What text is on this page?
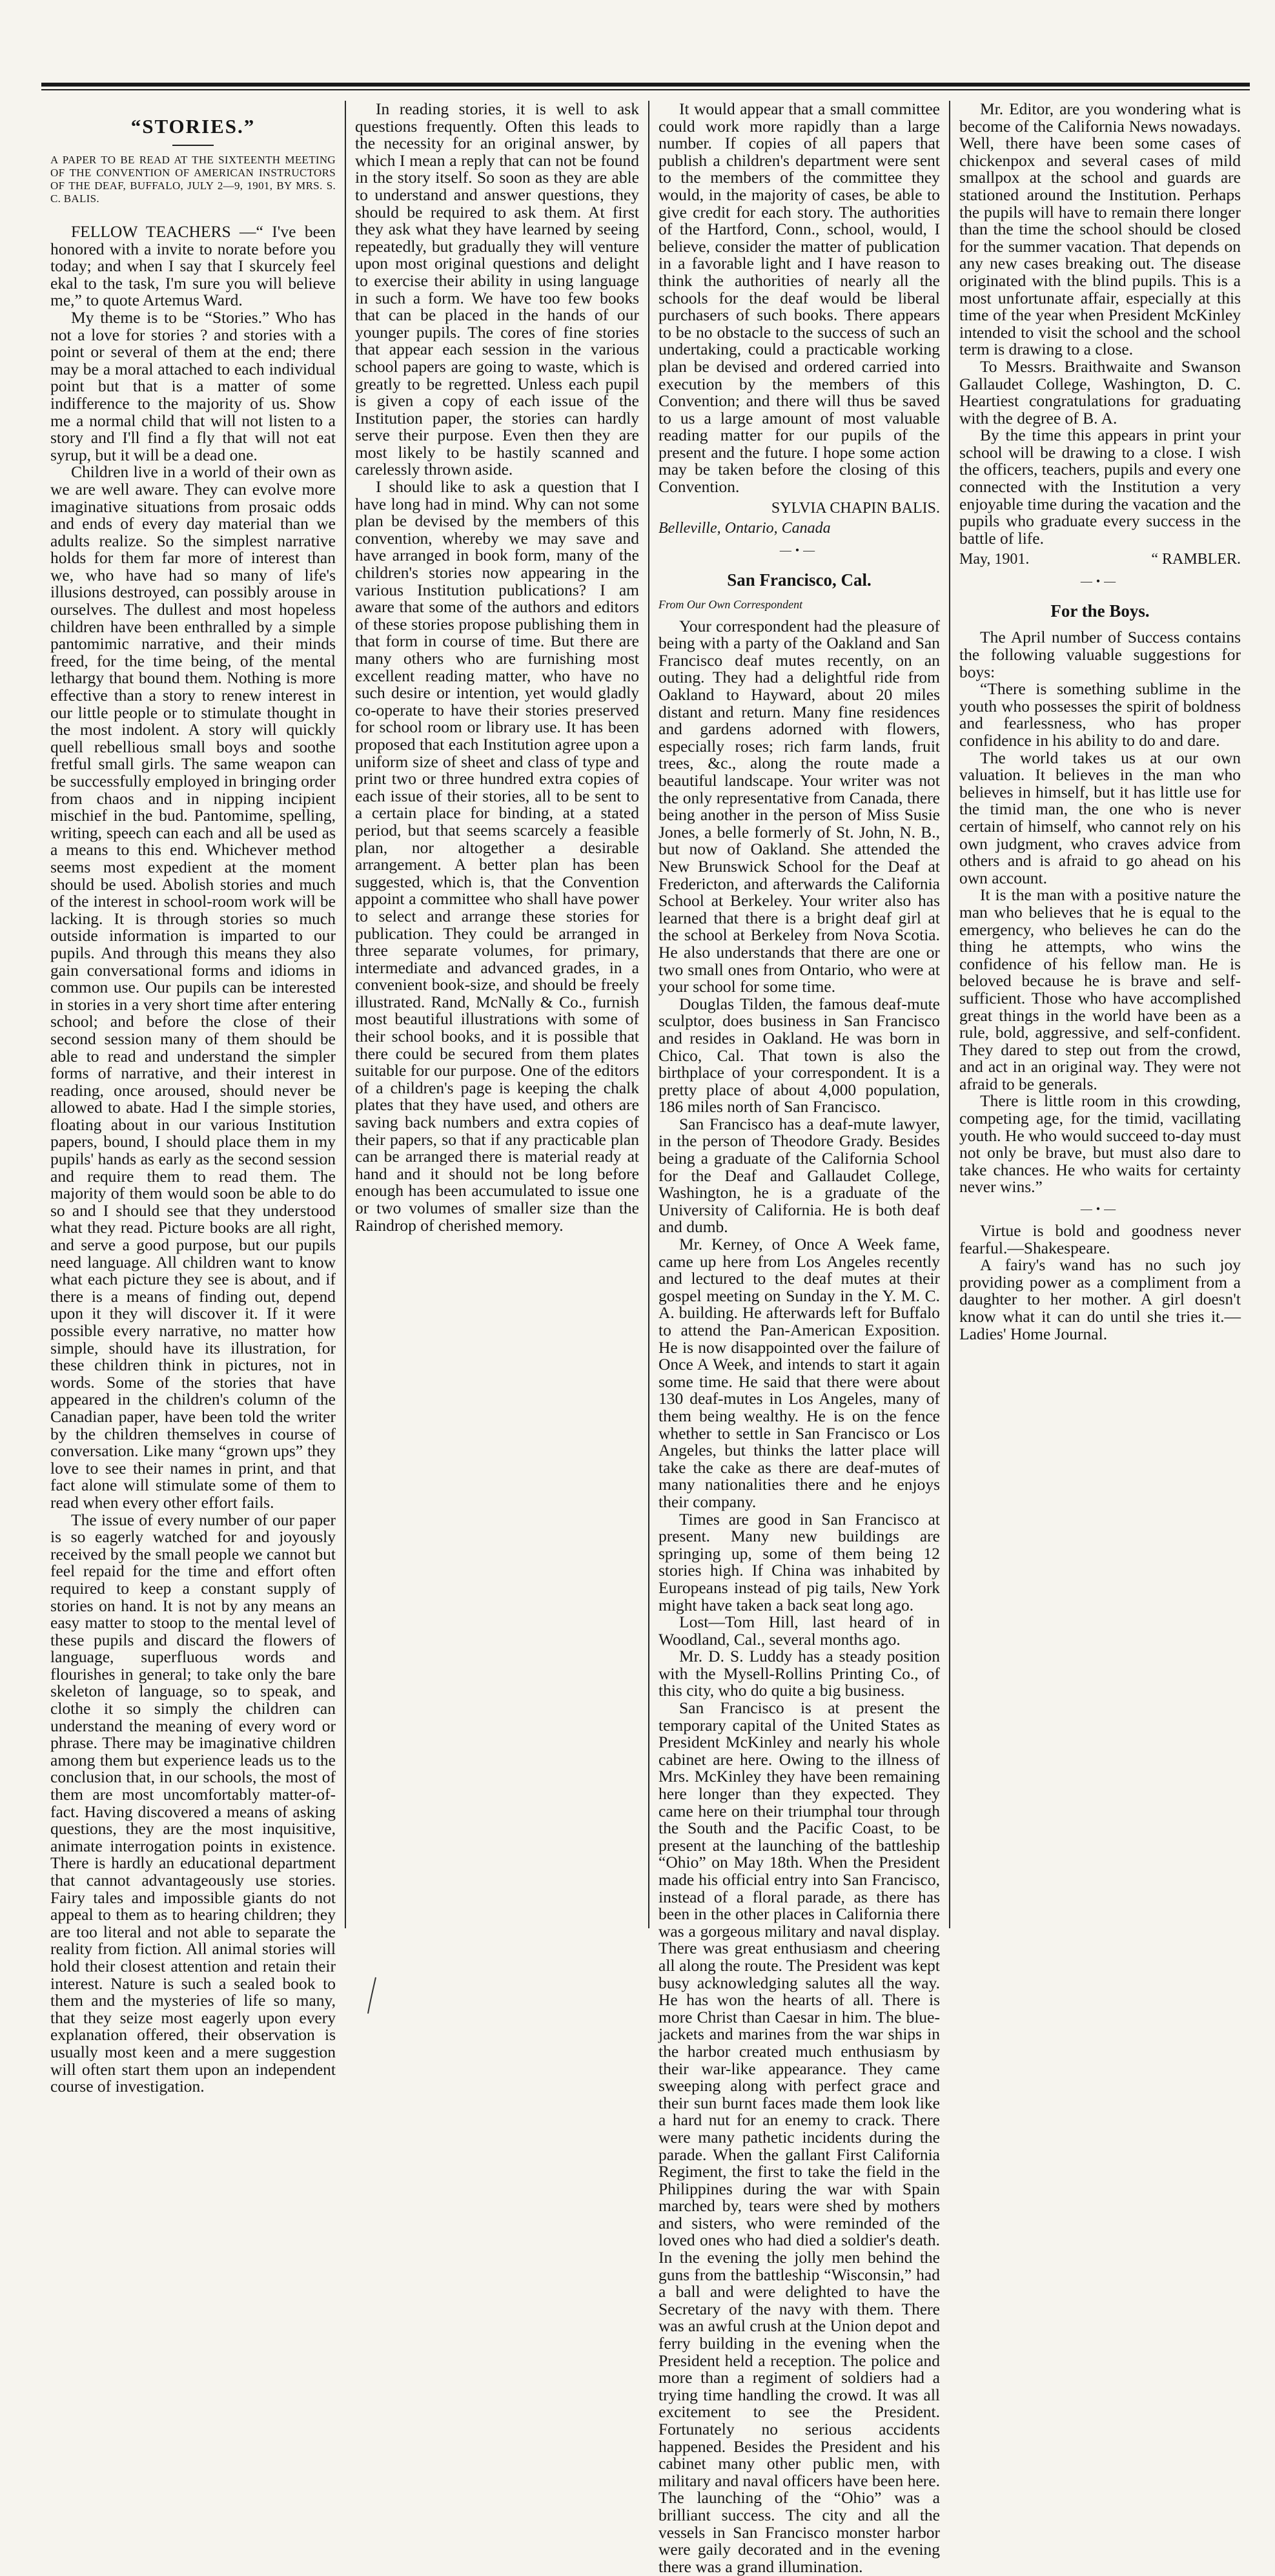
“STORIES.”
A PAPER TO BE READ AT THE SIXTEENTH MEETING OF THE CONVENTION OF AMERICAN INSTRUCTORS OF THE DEAF, BUFFALO, JULY 2—9, 1901, BY MRS. S. C. BALIS.

FELLOW TEACHERS —“ I've been honored with a invite to norate before you today; and when I say that I skurcely feel ekal to the task, I'm sure you will believe me,” to quote Artemus Ward.

My theme is to be “Stories.” Who has not a love for stories ? and stories with a point or several of them at the end; there may be a moral attached to each individual point but that is a matter of some indifference to the majority of us. Show me a normal child that will not listen to a story and I'll find a fly that will not eat syrup, but it will be a dead one.

Children live in a world of their own as we are well aware. They can evolve more imaginative situations from prosaic odds and ends of every day material than we adults realize. So the simplest narrative holds for them far more of interest than we, who have had so many of life's illusions destroyed, can possibly arouse in ourselves. The dullest and most hopeless children have been enthralled by a simple pantomimic narrative, and their minds freed, for the time being, of the mental lethargy that bound them. Nothing is more effective than a story to renew interest in our little people or to stimulate thought in the most indolent. A story will quickly quell rebellious small boys and soothe fretful small girls. The same weapon can be successfully employed in bringing order from chaos and in nipping incipient mischief in the bud. Pantomime, spelling, writing, speech can each and all be used as a means to this end. Whichever method seems most expedient at the moment should be used. Abolish stories and much of the interest in school-room work will be lacking. It is through stories so much outside information is imparted to our pupils. And through this means they also gain conversational forms and idioms in common use. Our pupils can be interested in stories in a very short time after entering school; and before the close of their second session many of them should be able to read and understand the simpler forms of narrative, and their interest in reading, once aroused, should never be allowed to abate. Had I the simple stories, floating about in our various Institution papers, bound, I should place them in my pupils' hands as early as the second session and require them to read them. The majority of them would soon be able to do so and I should see that they understood what they read. Picture books are all right, and serve a good purpose, but our pupils need language. All children want to know what each picture they see is about, and if there is a means of finding out, depend upon it they will discover it. If it were possible every narrative, no matter how simple, should have its illustration, for these children think in pictures, not in words. Some of the stories that have appeared in the children's column of the Canadian paper, have been told the writer by the children themselves in course of conversation. Like many “grown ups” they love to see their names in print, and that fact alone will stimulate some of them to read when every other effort fails.

The issue of every number of our paper is so eagerly watched for and joyously received by the small people we cannot but feel repaid for the time and effort often required to keep a constant supply of stories on hand. It is not by any means an easy matter to stoop to the mental level of these pupils and discard the flowers of language, superfluous words and flourishes in general; to take only the bare skeleton of language, so to speak, and clothe it so simply the children can understand the meaning of every word or phrase. There may be imaginative children among them but experience leads us to the conclusion that, in our schools, the most of them are most uncomfortably matter-of-fact. Having discovered a means of asking questions, they are the most inquisitive, animate interrogation points in existence. There is hardly an educational department that cannot advantageously use stories. Fairy tales and impossible giants do not appeal to them as to hearing children; they are too literal and not able to separate the reality from fiction. All animal stories will hold their closest attention and retain their interest. Nature is such a sealed book to them and the mysteries of life so many, that they seize most eagerly upon every explanation offered, their observation is usually most keen and a mere suggestion will often start them upon an independent course of investigation.

In reading stories, it is well to ask questions frequently. Often this leads to the necessity for an original answer, by which I mean a reply that can not be found in the story itself. So soon as they are able to understand and answer questions, they should be required to ask them. At first they ask what they have learned by seeing repeatedly, but gradually they will venture upon most original questions and delight to exercise their ability in using language in such a form. We have too few books that can be placed in the hands of our younger pupils. The cores of fine stories that appear each session in the various school papers are going to waste, which is greatly to be regretted. Unless each pupil is given a copy of each issue of the Institution paper, the stories can hardly serve their purpose. Even then they are most likely to be hastily scanned and carelessly thrown aside.

I should like to ask a question that I have long had in mind. Why can not some plan be devised by the members of this convention, whereby we may save and have arranged in book form, many of the children's stories now appearing in the various Institution publications? I am aware that some of the authors and editors of these stories propose publishing them in that form in course of time. But there are many others who are furnishing most excellent reading matter, who have no such desire or intention, yet would gladly co-operate to have their stories preserved for school room or library use. It has been proposed that each Institution agree upon a uniform size of sheet and class of type and print two or three hundred extra copies of each issue of their stories, all to be sent to a certain place for binding, at a stated period, but that seems scarcely a feasible plan, nor altogether a desirable arrangement. A better plan has been suggested, which is, that the Convention appoint a committee who shall have power to select and arrange these stories for publication. They could be arranged in three separate volumes, for primary, intermediate and advanced grades, in a convenient book-size, and should be freely illustrated. Rand, McNally & Co., furnish most beautiful illustrations with some of their school books, and it is possible that there could be secured from them plates suitable for our purpose. One of the editors of a children's page is keeping the chalk plates that they have used, and others are saving back numbers and extra copies of their papers, so that if any practicable plan can be arranged there is material ready at hand and it should not be long before enough has been accumulated to issue one or two volumes of smaller size than the Raindrop of cherished memory.

It would appear that a small committee could work more rapidly than a large number. If copies of all papers that publish a children's department were sent to the members of the committee they would, in the majority of cases, be able to give credit for each story. The authorities of the Hartford, Conn., school, would, I believe, consider the matter of publication in a favorable light and I have reason to think the authorities of nearly all the schools for the deaf would be liberal purchasers of such books. There appears to be no obstacle to the success of such an undertaking, could a practicable working plan be devised and ordered carried into execution by the members of this Convention; and there will thus be saved to us a large amount of most valuable reading matter for our pupils of the present and the future. I hope some action may be taken before the closing of this Convention.

SYLVIA CHAPIN BALIS.
Belleville, Ontario, Canada
—•—
San Francisco, Cal.
From Our Own Correspondent

Your correspondent had the pleasure of being with a party of the Oakland and San Francisco deaf mutes recently, on an outing. They had a delightful ride from Oakland to Hayward, about 20 miles distant and return. Many fine residences and gardens adorned with flowers, especially roses; rich farm lands, fruit trees, &c., along the route made a beautiful landscape. Your writer was not the only representative from Canada, there being another in the person of Miss Susie Jones, a belle formerly of St. John, N. B., but now of Oakland. She attended the New Brunswick School for the Deaf at Fredericton, and afterwards the California School at Berkeley. Your writer also has learned that there is a bright deaf girl at the school at Berkeley from Nova Scotia. He also understands that there are one or two small ones from Ontario, who were at your school for some time.

Douglas Tilden, the famous deaf-mute sculptor, does business in San Francisco and resides in Oakland. He was born in Chico, Cal. That town is also the birthplace of your correspondent. It is a pretty place of about 4,000 population, 186 miles north of San Francisco.

San Francisco has a deaf-mute lawyer, in the person of Theodore Grady. Besides being a graduate of the California School for the Deaf and Gallaudet College, Washington, he is a graduate of the University of California. He is both deaf and dumb.

Mr. Kerney, of Once A Week fame, came up here from Los Angeles recently and lectured to the deaf mutes at their gospel meeting on Sunday in the Y. M. C. A. building. He afterwards left for Buffalo to attend the Pan-American Exposition. He is now disappointed over the failure of Once A Week, and intends to start it again some time. He said that there were about 130 deaf-mutes in Los Angeles, many of them being wealthy. He is on the fence whether to settle in San Francisco or Los Angeles, but thinks the latter place will take the cake as there are deaf-mutes of many nationalities there and he enjoys their company.

Times are good in San Francisco at present. Many new buildings are springing up, some of them being 12 stories high. If China was inhabited by Europeans instead of pig tails, New York might have taken a back seat long ago.

Lost—Tom Hill, last heard of in Woodland, Cal., several months ago.

Mr. D. S. Luddy has a steady position with the Mysell-Rollins Printing Co., of this city, who do quite a big business.

San Francisco is at present the temporary capital of the United States as President McKinley and nearly his whole cabinet are here. Owing to the illness of Mrs. McKinley they have been remaining here longer than they expected. They came here on their triumphal tour through the South and the Pacific Coast, to be present at the launching of the battleship “Ohio” on May 18th. When the President made his official entry into San Francisco, instead of a floral parade, as there has been in the other places in California there was a gorgeous military and naval display. There was great enthusiasm and cheering all along the route. The President was kept busy acknowledging salutes all the way. He has won the hearts of all. There is more Christ than Caesar in him. The blue-jackets and marines from the war ships in the harbor created much enthusiasm by their war-like appearance. They came sweeping along with perfect grace and their sun burnt faces made them look like a hard nut for an enemy to crack. There were many pathetic incidents during the parade. When the gallant First California Regiment, the first to take the field in the Philippines during the war with Spain marched by, tears were shed by mothers and sisters, who were reminded of the loved ones who had died a soldier's death. In the evening the jolly men behind the guns from the battleship “Wisconsin,” had a ball and were delighted to have the Secretary of the navy with them. There was an awful crush at the Union depot and ferry building in the evening when the President held a reception. The police and more than a regiment of soldiers had a trying time handling the crowd. It was all excitement to see the President. Fortunately no serious accidents happened. Besides the President and his cabinet many other public men, with military and naval officers have been here. The launching of the “Ohio” was a brilliant success. The city and all the vessels in San Francisco monster harbor were gaily decorated and in the evening there was a grand illumination.

Mr. Editor, are you wondering what is become of the California News nowadays. Well, there have been some cases of chickenpox and several cases of mild smallpox at the school and guards are stationed around the Institution. Perhaps the pupils will have to remain there longer than the time the school should be closed for the summer vacation. That depends on any new cases breaking out. The disease originated with the blind pupils. This is a most unfortunate affair, especially at this time of the year when President McKinley intended to visit the school and the school term is drawing to a close.

To Messrs. Braithwaite and Swanson Gallaudet College, Washington, D. C. Heartiest congratulations for graduating with the degree of B. A.

By the time this appears in print your school will be drawing to a close. I wish the officers, teachers, pupils and every one connected with the Institution a very enjoyable time during the vacation and the pupils who graduate every success in the battle of life.

May, 1901.	“ RAMBLER.
—•—
For the Boys.

The April number of Success contains the following valuable suggestions for boys:

“There is something sublime in the youth who possesses the spirit of boldness and fearlessness, who has proper confidence in his ability to do and dare.

The world takes us at our own valuation. It believes in the man who believes in himself, but it has little use for the timid man, the one who is never certain of himself, who cannot rely on his own judgment, who craves advice from others and is afraid to go ahead on his own account.

It is the man with a positive nature the man who believes that he is equal to the emergency, who believes he can do the thing he attempts, who wins the confidence of his fellow man. He is beloved because he is brave and self-sufficient. Those who have accomplished great things in the world have been as a rule, bold, aggressive, and self-confident. They dared to step out from the crowd, and act in an original way. They were not afraid to be generals.

There is little room in this crowding, competing age, for the timid, vacillating youth. He who would succeed to-day must not only be brave, but must also dare to take chances. He who waits for certainty never wins.”

—•—

Virtue is bold and goodness never fearful.—Shakespeare.

A fairy's wand has no such joy providing power as a compliment from a daughter to her mother. A girl doesn't know what it can do until she tries it.—Ladies' Home Journal.
